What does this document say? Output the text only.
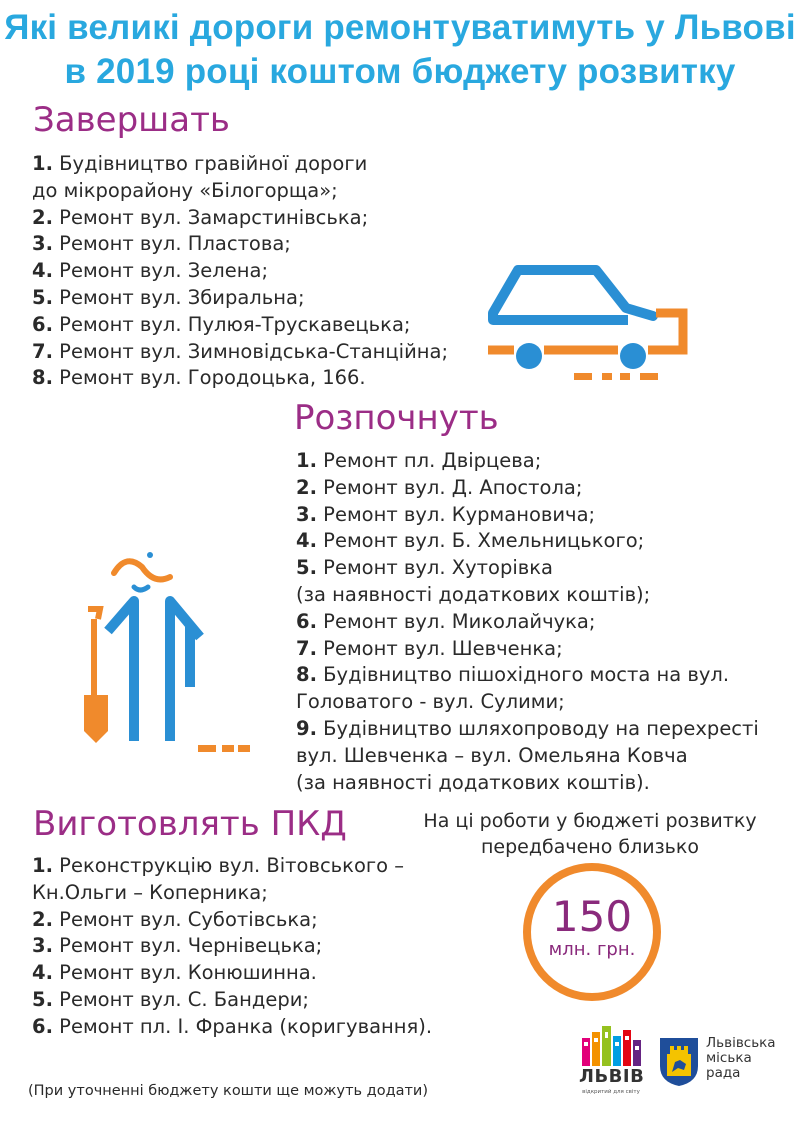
Які великі дороги ремонтуватимуть у Львові
в 2019 році коштом бюджету розвитку
Завершать
1. Будівництво гравійної дороги
до мікрорайону «Білогорща»;
2. Ремонт вул. Замарстинівська;
3. Ремонт вул. Пластова;
4. Ремонт вул. Зелена;
5. Ремонт вул. Збиральна;
6. Ремонт вул. Пулюя-Трускавецька;
7. Ремонт вул. Зимновідська-Станційна;
8. Ремонт вул. Городоцька, 166.
Розпочнуть
1. Ремонт пл. Двірцева;
2. Ремонт вул. Д. Апостола;
3. Ремонт вул. Курмановича;
4. Ремонт вул. Б. Хмельницького;
5. Ремонт вул. Хуторівка
(за наявності додаткових коштів);
6. Ремонт вул. Миколайчука;
7. Ремонт вул. Шевченка;
8. Будівництво пішохідного моста на вул.
Головатого - вул. Сулими;
9. Будівництво шляхопроводу на перехресті
вул. Шевченка – вул. Омельяна Ковча
(за наявності додаткових коштів).
Виготовлять ПКД
1. Реконструкцію вул. Вітовського –
Кн.Ольги – Коперника;
2. Ремонт вул. Суботівська;
3. Ремонт вул. Чернівецька;
4. Ремонт вул. Конюшинна.
5. Ремонт вул. С. Бандери;
6. Ремонт пл. І. Франка (коригування).
На ці роботи у бюджеті розвитку
передбачено близько
150
млн. грн.
(При уточненні бюджету кошти ще можуть додати)
ЛЬВІВ
відкритий для світу
Львівська
міська
рада
